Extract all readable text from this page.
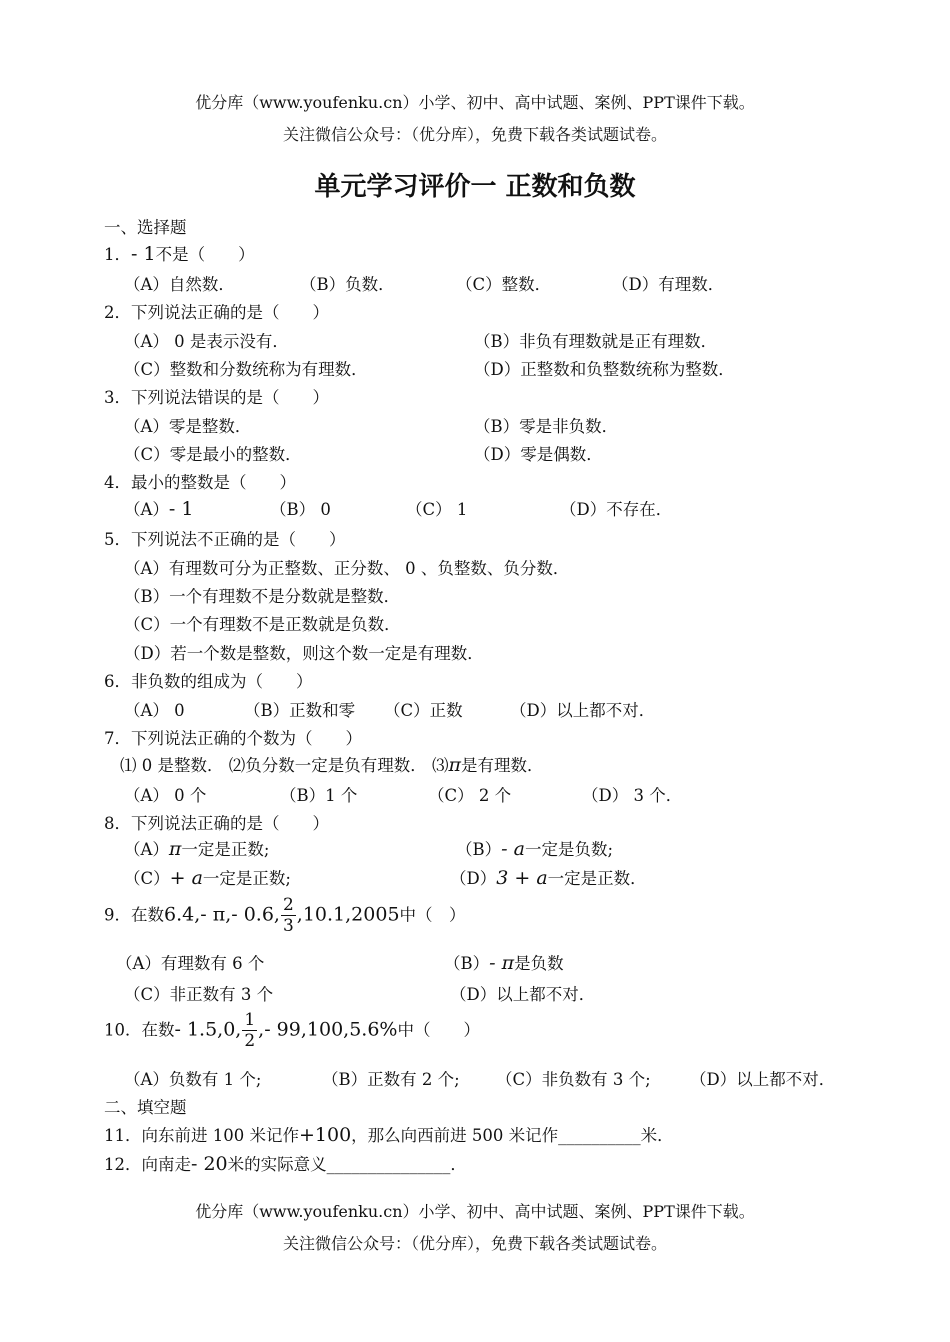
优分库（www.youfenku.cn）小学、初中、高中试题、案例、PPT课件下载。
关注微信公众号：（优分库），免费下载各类试题试卷。
单元学习评价一 正数和负数
一、选择题
1．- 1不是（　　）
（A）自然数．	（B）负数．	（C）整数．	（D）有理数．
2．下列说法正确的是（　　）
（A） 0 是表示没有．	（B）非负有理数就是正有理数．
（C）整数和分数统称为有理数．	（D）正整数和负整数统称为整数．
3．下列说法错误的是（　　）
（A）零是整数．	（B）零是非负数．
（C）零是最小的整数．	（D）零是偶数．
4．最小的整数是（　　）
（A）- 1	（B） 0	（C） 1	（D）不存在．
5．下列说法不正确的是（　　）
（A）有理数可分为正整数、正分数、 0 、负整数、负分数．
（B）一个有理数不是分数就是整数．
（C）一个有理数不是正数就是负数．
（D）若一个数是整数，则这个数一定是有理数．
6．非负数的组成为（　　）
（A） 0	（B）正数和零 （C）正数	（D）以上都不对．
7．下列说法正确的个数为（　　）
⑴ 0 是整数． ⑵负分数一定是负有理数． ⑶π是有理数．
（A） 0 个	（B）1 个	（C） 2 个	（D） 3 个．
8．下列说法正确的是（　　）
（A）π一定是正数;	（B）- a一定是负数;
（C）+ a一定是正数;	（D）3 + a一定是正数．
9．在数6.4,- π,- 0.6, $\frac{2}{3} ,10.1,2005$中（　）
（A）有理数有 6 个	（B）- π是负数
（C）非正数有 3 个	（D）以上都不对．
10．在数- 1.5,0, $\frac{1}{2}$ ,- 99,100,5.6%中（　　）
（A）负数有 1 个;	（B）正数有 2 个; （C）非负数有 3 个; （D）以上都不对．
二、填空题
11．向东前进 100 米记作+100，那么向西前进 500 米记作__________米．
12．向南走- 20米的实际意义_______________．
优分库（www.youfenku.cn）小学、初中、高中试题、案例、PPT课件下载。
关注微信公众号：（优分库），免费下载各类试题试卷。
